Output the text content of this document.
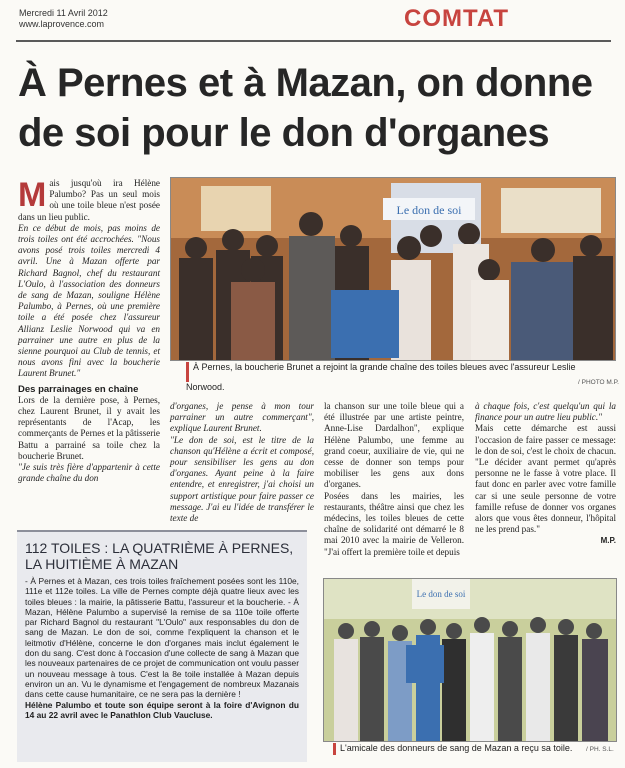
Mercredi 11 Avril 2012
www.laprovence.com	COMTAT
À Pernes et à Mazan, on donne de soi pour le don d'organes

Mais jusqu'où ira Hélène Palumbo? Pas un seul mois où une toile bleue n'est posée dans un lieu public.

En ce début de mois, pas moins de trois toiles ont été accrochées. "Nous avons posé trois toiles mercredi 4 avril. Une à Mazan offerte par Richard Bagnol, chef du restaurant L'Oulo, à l'association des donneurs de sang de Mazan, souligne Hélène Palumbo, à Pernes, où une première toile a été posée chez l'assureur Allianz Leslie Norwood qui va en parrainer une autre en plus de la sienne pourquoi au Club de tennis, et nous avons fini avec la boucherie Laurent Brunet."

Des parrainages en chaîne

Lors de la dernière pose, à Pernes, chez Laurent Brunet, il y avait les représentants de l'Acap, les commerçants de Pernes et la pâtisserie Battu a parrainé sa toile chez la boucherie Brunet.

"Je suis très fière d'appartenir à cette grande chaîne du don

Le don de soi
À Pernes, la boucherie Brunet a rejoint la grande chaîne des toiles bleues avec l'assureur Leslie Norwood.	/ PHOTO M.P.

d'organes, je pense à mon tour parrainer un autre commerçant", explique Laurent Brunet.

"Le don de soi, est le titre de la chanson qu'Hélène a écrit et composé, pour sensibiliser les gens au don d'organes. Ayant peine à la faire entendre, et enregistrer, j'ai choisi un support artistique pour faire passer ce message. J'ai eu l'idée de transférer le texte de

la chanson sur une toile bleue qui a été illustrée par une artiste peintre, Anne-Lise Dardalhon", explique Hélène Palumbo, une femme au grand coeur, auxiliaire de vie, qui ne cesse de donner son temps pour mobiliser les gens aux dons d'organes.

Posées dans les mairies, les restaurants, théâtre ainsi que chez les médecins, les toiles bleues de cette chaîne de solidarité ont démarré le 8 mai 2010 avec la mairie de Velleron. "J'ai offert la première toile et depuis

à chaque fois, c'est quelqu'un qui la finance pour un autre lieu public."

Mais cette démarche est aussi l'occasion de faire passer ce message: le don de soi, c'est le choix de chacun. "Le décider avant permet qu'après personne ne le fasse à votre place. Il faut donc en parler avec votre famille car si une seule personne de votre famille refuse de donner vos organes alors que vous êtes donneur, l'hôpital ne les prend pas."

M.P.

112 TOILES : LA QUATRIÈME À PERNES, LA HUITIÈME À MAZAN

- À Pernes et à Mazan, ces trois toiles fraîchement posées sont les 110e, 111e et 112e toiles. La ville de Pernes compte déjà quatre lieux avec les toiles bleues : la mairie, la pâtisserie Battu, l'assureur et la boucherie. - À Mazan, Hélène Palumbo a supervisé la remise de sa 110e toile offerte par Richard Bagnol du restaurant "L'Oulo" aux responsables du don de sang de Mazan. Le don de soi, comme l'expliquent la chanson et le leitmotiv d'Hélène, concerne le don d'organes mais inclut également le don du sang. C'est donc à l'occasion d'une collecte de sang à Mazan que les nouveaux partenaires de ce projet de communication ont voulu passer un nouveau message à tous. C'est la 8e toile installée à Mazan depuis environ un an. Vu le dynamisme et l'engagement de nombreux Mazanais dans cette cause humanitaire, ce ne sera pas la dernière !

Hélène Palumbo et toute son équipe seront à la foire d'Avignon du 14 au 22 avril avec le Panathlon Club Vaucluse.

Le don de soi
L'amicale des donneurs de sang de Mazan a reçu sa toile.	/ PH. S.L.
